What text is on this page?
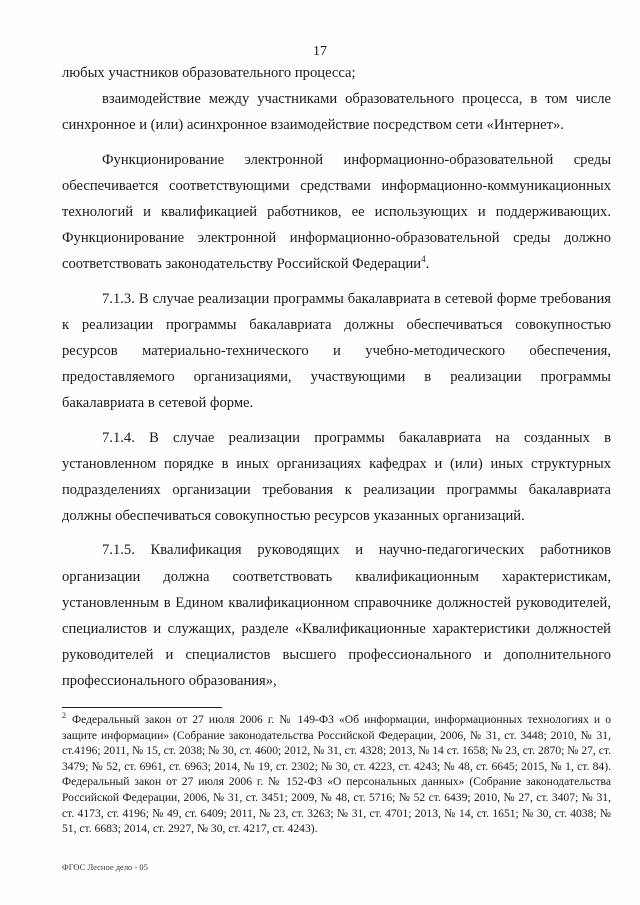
17

любых участников образовательного процесса;

взаимодействие между участниками образовательного процесса, в том числе синхронное и (или) асинхронное взаимодействие посредством сети «Интернет».

Функционирование электронной информационно-образовательной среды обеспечивается соответствующими средствами информационно-коммуникационных технологий и квалификацией работников, ее использующих и поддерживающих. Функционирование электронной информационно-образовательной среды должно соответствовать законодательству Российской Федерации$^4$.

7.1.3. В случае реализации программы бакалавриата в сетевой форме требования к реализации программы бакалавриата должны обеспечиваться совокупностью ресурсов материально-технического и учебно-методического обеспечения, предоставляемого организациями, участвующими в реализации программы бакалавриата в сетевой форме.

7.1.4. В случае реализации программы бакалавриата на созданных в установленном порядке в иных организациях кафедрах и (или) иных структурных подразделениях организации требования к реализации программы бакалавриата должны обеспечиваться совокупностью ресурсов указанных организаций.

7.1.5. Квалификация руководящих и научно-педагогических работников организации должна соответствовать квалификационным характеристикам, установленным в Едином квалификационном справочнике должностей руководителей, специалистов и служащих, разделе «Квалификационные характеристики должностей руководителей и специалистов высшего профессионального и дополнительного профессионального образования»,

$^2$ Федеральный закон от 27 июля 2006 г. № 149-ФЗ «Об информации, информационных технологиях и о защите информации» (Собрание законодательства Российской Федерации, 2006, № 31, ст. 3448; 2010, № 31, ст.4196; 2011, № 15, ст. 2038; № 30, ст. 4600; 2012, № 31, ст. 4328; 2013, № 14 ст. 1658; № 23, ст. 2870; № 27, ст. 3479; № 52, ст. 6961, ст. 6963; 2014, № 19, ст. 2302; № 30, ст. 4223, ст. 4243; № 48, ст. 6645; 2015, № 1, ст. 84). Федеральный закон от 27 июля 2006 г. № 152-ФЗ «О персональных данных» (Собрание законодательства Российской Федерации, 2006, № 31, ст. 3451; 2009, № 48, ст. 5716; № 52 ст. 6439; 2010, № 27, ст. 3407; № 31, ст. 4173, ст. 4196; № 49, ст. 6409; 2011, № 23, ст. 3263; № 31, ст. 4701; 2013, № 14, ст. 1651; № 30, ст. 4038; № 51, ст. 6683; 2014, ст. 2927, № 30, ст. 4217, ст. 4243).
ФГОС Лесное дело - 05
